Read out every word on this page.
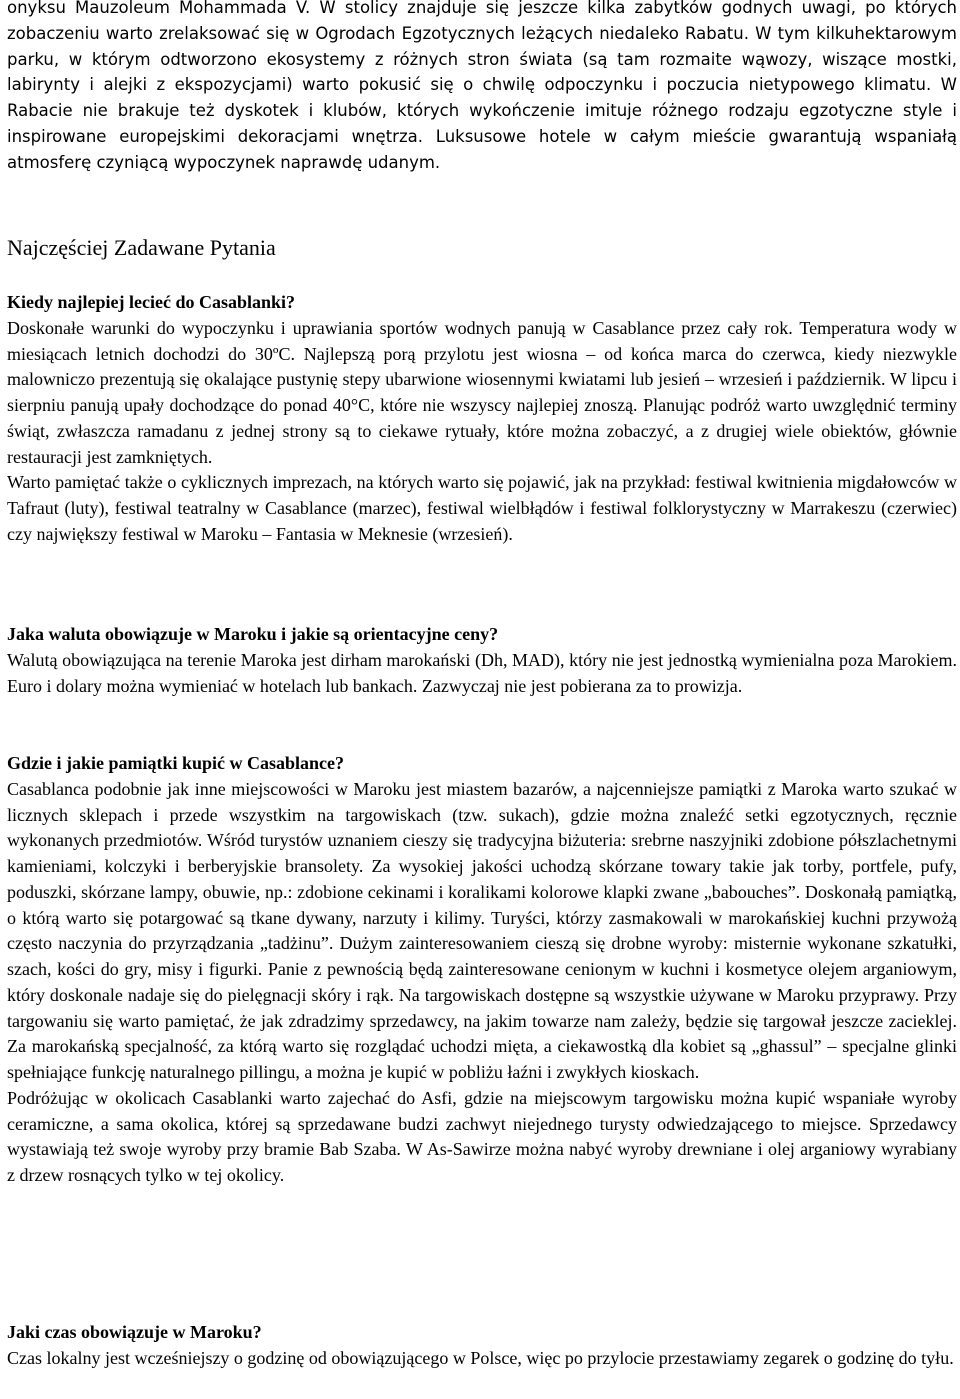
onyksu Mauzoleum Mohammada V. W stolicy znajduje się jeszcze kilka zabytków godnych uwagi, po których zobaczeniu warto zrelaksować się w Ogrodach Egzotycznych leżących niedaleko Rabatu. W tym kilkuhektarowym parku, w którym odtworzono ekosystemy z różnych stron świata (są tam rozmaite wąwozy, wiszące mostki, labirynty i alejki z ekspozycjami) warto pokusić się o chwilę odpoczynku i poczucia nietypowego klimatu. W Rabacie nie brakuje też dyskotek i klubów, których wykończenie imituje różnego rodzaju egzotyczne style i inspirowane europejskimi dekoracjami wnętrza. Luksusowe hotele w całym mieście gwarantują wspaniałą atmosferę czyniącą wypoczynek naprawdę udanym.

Najczęściej Zadawane Pytania

Kiedy najlepiej lecieć do Casablanki?

Doskonałe warunki do wypoczynku i uprawiania sportów wodnych panują w Casablance przez cały rok. Temperatura wody w miesiącach letnich dochodzi do 30ºC. Najlepszą porą przylotu jest wiosna – od końca marca do czerwca, kiedy niezwykle malowniczo prezentują się okalające pustynię stepy ubarwione wiosennymi kwiatami lub jesień – wrzesień i październik. W lipcu i sierpniu panują upały dochodzące do ponad 40°C, które nie wszyscy najlepiej znoszą. Planując podróż warto uwzględnić terminy świąt, zwłaszcza ramadanu z jednej strony są to ciekawe rytuały, które można zobaczyć, a z drugiej wiele obiektów, głównie restauracji jest zamkniętych.

Warto pamiętać także o cyklicznych imprezach, na których warto się pojawić, jak na przykład: festiwal kwitnienia migdałowców w Tafraut (luty), festiwal teatralny w Casablance (marzec), festiwal wielbłądów i festiwal folklorystyczny w Marrakeszu (czerwiec) czy największy festiwal w Maroku – Fantasia w Meknesie (wrzesień).

Jaka waluta obowiązuje w Maroku i jakie są orientacyjne ceny?

Walutą obowiązująca na terenie Maroka jest dirham marokański (Dh, MAD), który nie jest jednostką wymienialna poza Marokiem. Euro i dolary można wymieniać w hotelach lub bankach. Zazwyczaj nie jest pobierana za to prowizja.

Gdzie i jakie pamiątki kupić w Casablance?

Casablanca podobnie jak inne miejscowości w Maroku jest miastem bazarów, a najcenniejsze pamiątki z Maroka warto szukać w licznych sklepach i przede wszystkim na targowiskach (tzw. sukach), gdzie można znaleźć setki egzotycznych, ręcznie wykonanych przedmiotów. Wśród turystów uznaniem cieszy się tradycyjna biżuteria: srebrne naszyjniki zdobione półszlachetnymi kamieniami, kolczyki i berberyjskie bransolety. Za wysokiej jakości uchodzą skórzane towary takie jak torby, portfele, pufy, poduszki, skórzane lampy, obuwie, np.: zdobione cekinami i koralikami kolorowe klapki zwane „babouches”. Doskonałą pamiątką, o którą warto się potargować są tkane dywany, narzuty i kilimy. Turyści, którzy zasmakowali w marokańskiej kuchni przywożą często naczynia do przyrządzania „tadżinu”. Dużym zainteresowaniem cieszą się drobne wyroby: misternie wykonane szkatułki, szach, kości do gry, misy i figurki. Panie z pewnością będą zainteresowane cenionym w kuchni i kosmetyce olejem arganiowym, który doskonale nadaje się do pielęgnacji skóry i rąk. Na targowiskach dostępne są wszystkie używane w Maroku przyprawy. Przy targowaniu się warto pamiętać, że jak zdradzimy sprzedawcy, na jakim towarze nam zależy, będzie się targował jeszcze zacieklej. Za marokańską specjalność, za którą warto się rozglądać uchodzi mięta, a ciekawostką dla kobiet są „ghassul” – specjalne glinki spełniające funkcję naturalnego pillingu, a można je kupić w pobliżu łaźni i zwykłych kioskach.

Podróżując w okolicach Casablanki warto zajechać do Asfi, gdzie na miejscowym targowisku można kupić wspaniałe wyroby ceramiczne, a sama okolica, której są sprzedawane budzi zachwyt niejednego turysty odwiedzającego to miejsce. Sprzedawcy wystawiają też swoje wyroby przy bramie Bab Szaba. W As-Sawirze można nabyć wyroby drewniane i olej arganiowy wyrabiany z drzew rosnących tylko w tej okolicy.

Jaki czas obowiązuje w Maroku?

Czas lokalny jest wcześniejszy o godzinę od obowiązującego w Polsce, więc po przylocie przestawiamy zegarek o godzinę do tyłu.
